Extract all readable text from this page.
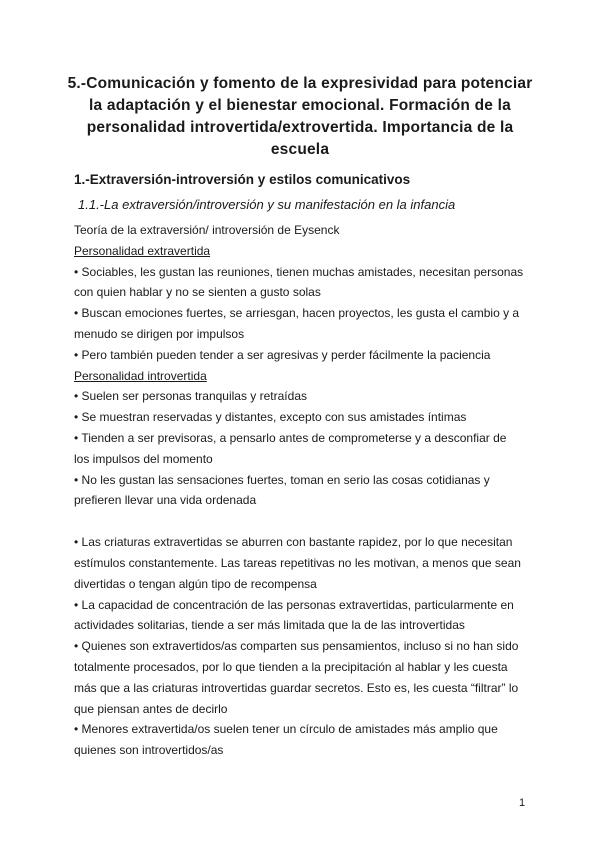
5.-Comunicación y fomento de la expresividad para potenciar
la adaptación y el bienestar emocional. Formación de la
personalidad introvertida/extrovertida. Importancia de la
escuela
1.-Extraversión-introversión y estilos comunicativos
1.1.-La extraversión/introversión y su manifestación en la infancia
Teoría de la extraversión/ introversión de Eysenck
Personalidad extravertida
• Sociables, les gustan las reuniones, tienen muchas amistades, necesitan personas
con quien hablar y no se sienten a gusto solas
• Buscan emociones fuertes, se arriesgan, hacen proyectos, les gusta el cambio y a
menudo se dirigen por impulsos
• Pero también pueden tender a ser agresivas y perder fácilmente la paciencia
Personalidad introvertida
• Suelen ser personas tranquilas y retraídas
• Se muestran reservadas y distantes, excepto con sus amistades íntimas
• Tienden a ser previsoras, a pensarlo antes de comprometerse y a desconfiar de
los impulsos del momento
• No les gustan las sensaciones fuertes, toman en serio las cosas cotidianas y
prefieren llevar una vida ordenada
• Las criaturas extravertidas se aburren con bastante rapidez, por lo que necesitan
estímulos constantemente. Las tareas repetitivas no les motivan, a menos que sean
divertidas o tengan algún tipo de recompensa
• La capacidad de concentración de las personas extravertidas, particularmente en
actividades solitarias, tiende a ser más limitada que la de las introvertidas
• Quienes son extravertidos/as comparten sus pensamientos, incluso si no han sido
totalmente procesados, por lo que tienden a la precipitación al hablar y les cuesta
más que a las criaturas introvertidas guardar secretos. Esto es, les cuesta “filtrar” lo
que piensan antes de decirlo
• Menores extravertida/os suelen tener un círculo de amistades más amplio que
quienes son introvertidos/as
1
